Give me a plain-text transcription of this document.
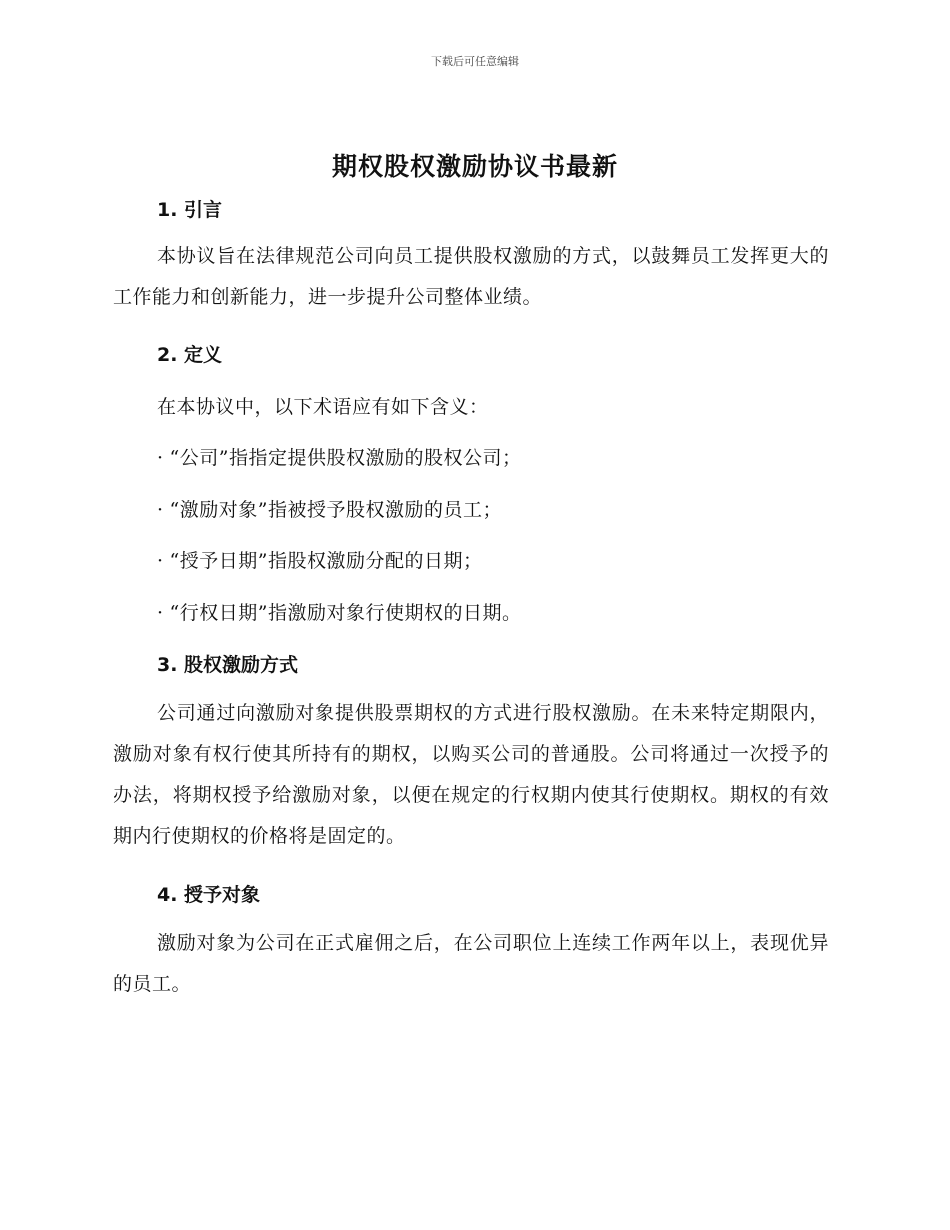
下载后可任意编辑
期权股权激励协议书最新
1. 引言
本协议旨在法律规范公司向员工提供股权激励的方式，以鼓舞员工发挥更大的工作能力和创新能力，进一步提升公司整体业绩。
2. 定义
在本协议中，以下术语应有如下含义：
· “公司”指指定提供股权激励的股权公司；
· “激励对象”指被授予股权激励的员工；
· “授予日期”指股权激励分配的日期；
· “行权日期”指激励对象行使期权的日期。
3. 股权激励方式
公司通过向激励对象提供股票期权的方式进行股权激励。在未来特定期限内，激励对象有权行使其所持有的期权，以购买公司的普通股。公司将通过一次授予的办法，将期权授予给激励对象，以便在规定的行权期内使其行使期权。期权的有效期内行使期权的价格将是固定的。
4. 授予对象
激励对象为公司在正式雇佣之后，在公司职位上连续工作两年以上，表现优异的员工。
